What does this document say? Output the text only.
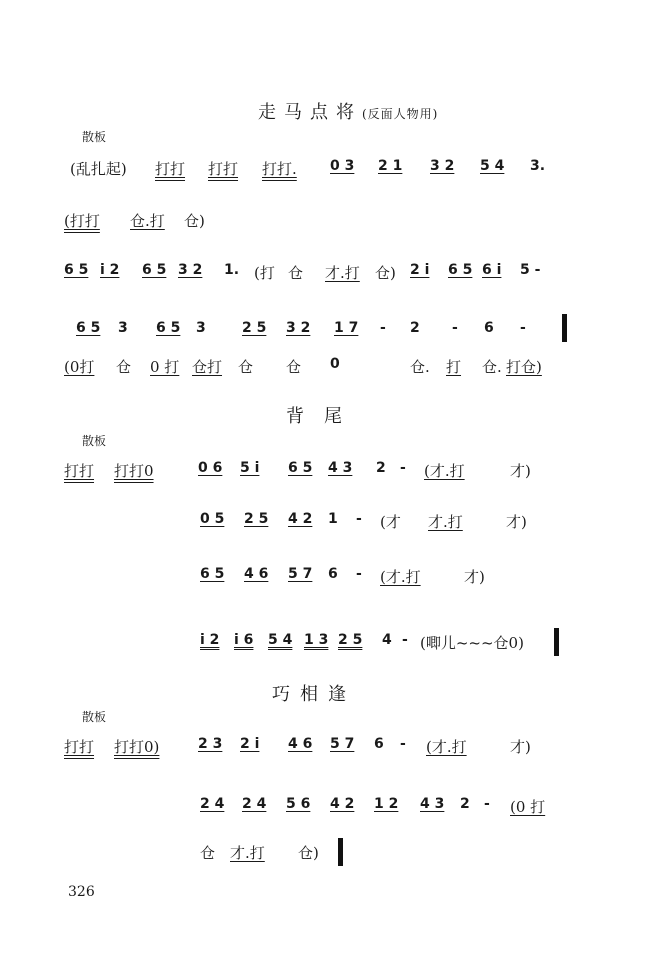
走马点将(反面人物用)
散板
(乱扎起) 打打 打打 打打. 0 3 2 1 3 2 5 4 3.
(打打 仓.打 仓)
6 5 i 2 6 5 3 2 1. (打 仓 才.打 仓) 2 i 6 5 6 i 5 -
6 5 3 6 5 3	2 5 3 2 1 7 - 2 - 6 -
(0打 仓 0 打 仓打 仓 仓 0	仓. 打 仓. 打仓)
背尾
散板
打打 打打0	0 6 5 i 6 5 4 3 2 - (才.打	才)
0 5 2 5 4 2 1 - (才 才.打	才)
6 5 4 6 5 7 6 - (才.打	才)
i 2 i 6 5 4 1 3 2 5 4 - (唧儿~~~仓0)
巧相逢
散板
打打 打打0)	2 3 2 i 4 6 5 7 6 - (才.打	才)
2 4 2 4 5 6 4 2 1 2 4 3 2 - (0 打
仓 才.打 仓)
326
